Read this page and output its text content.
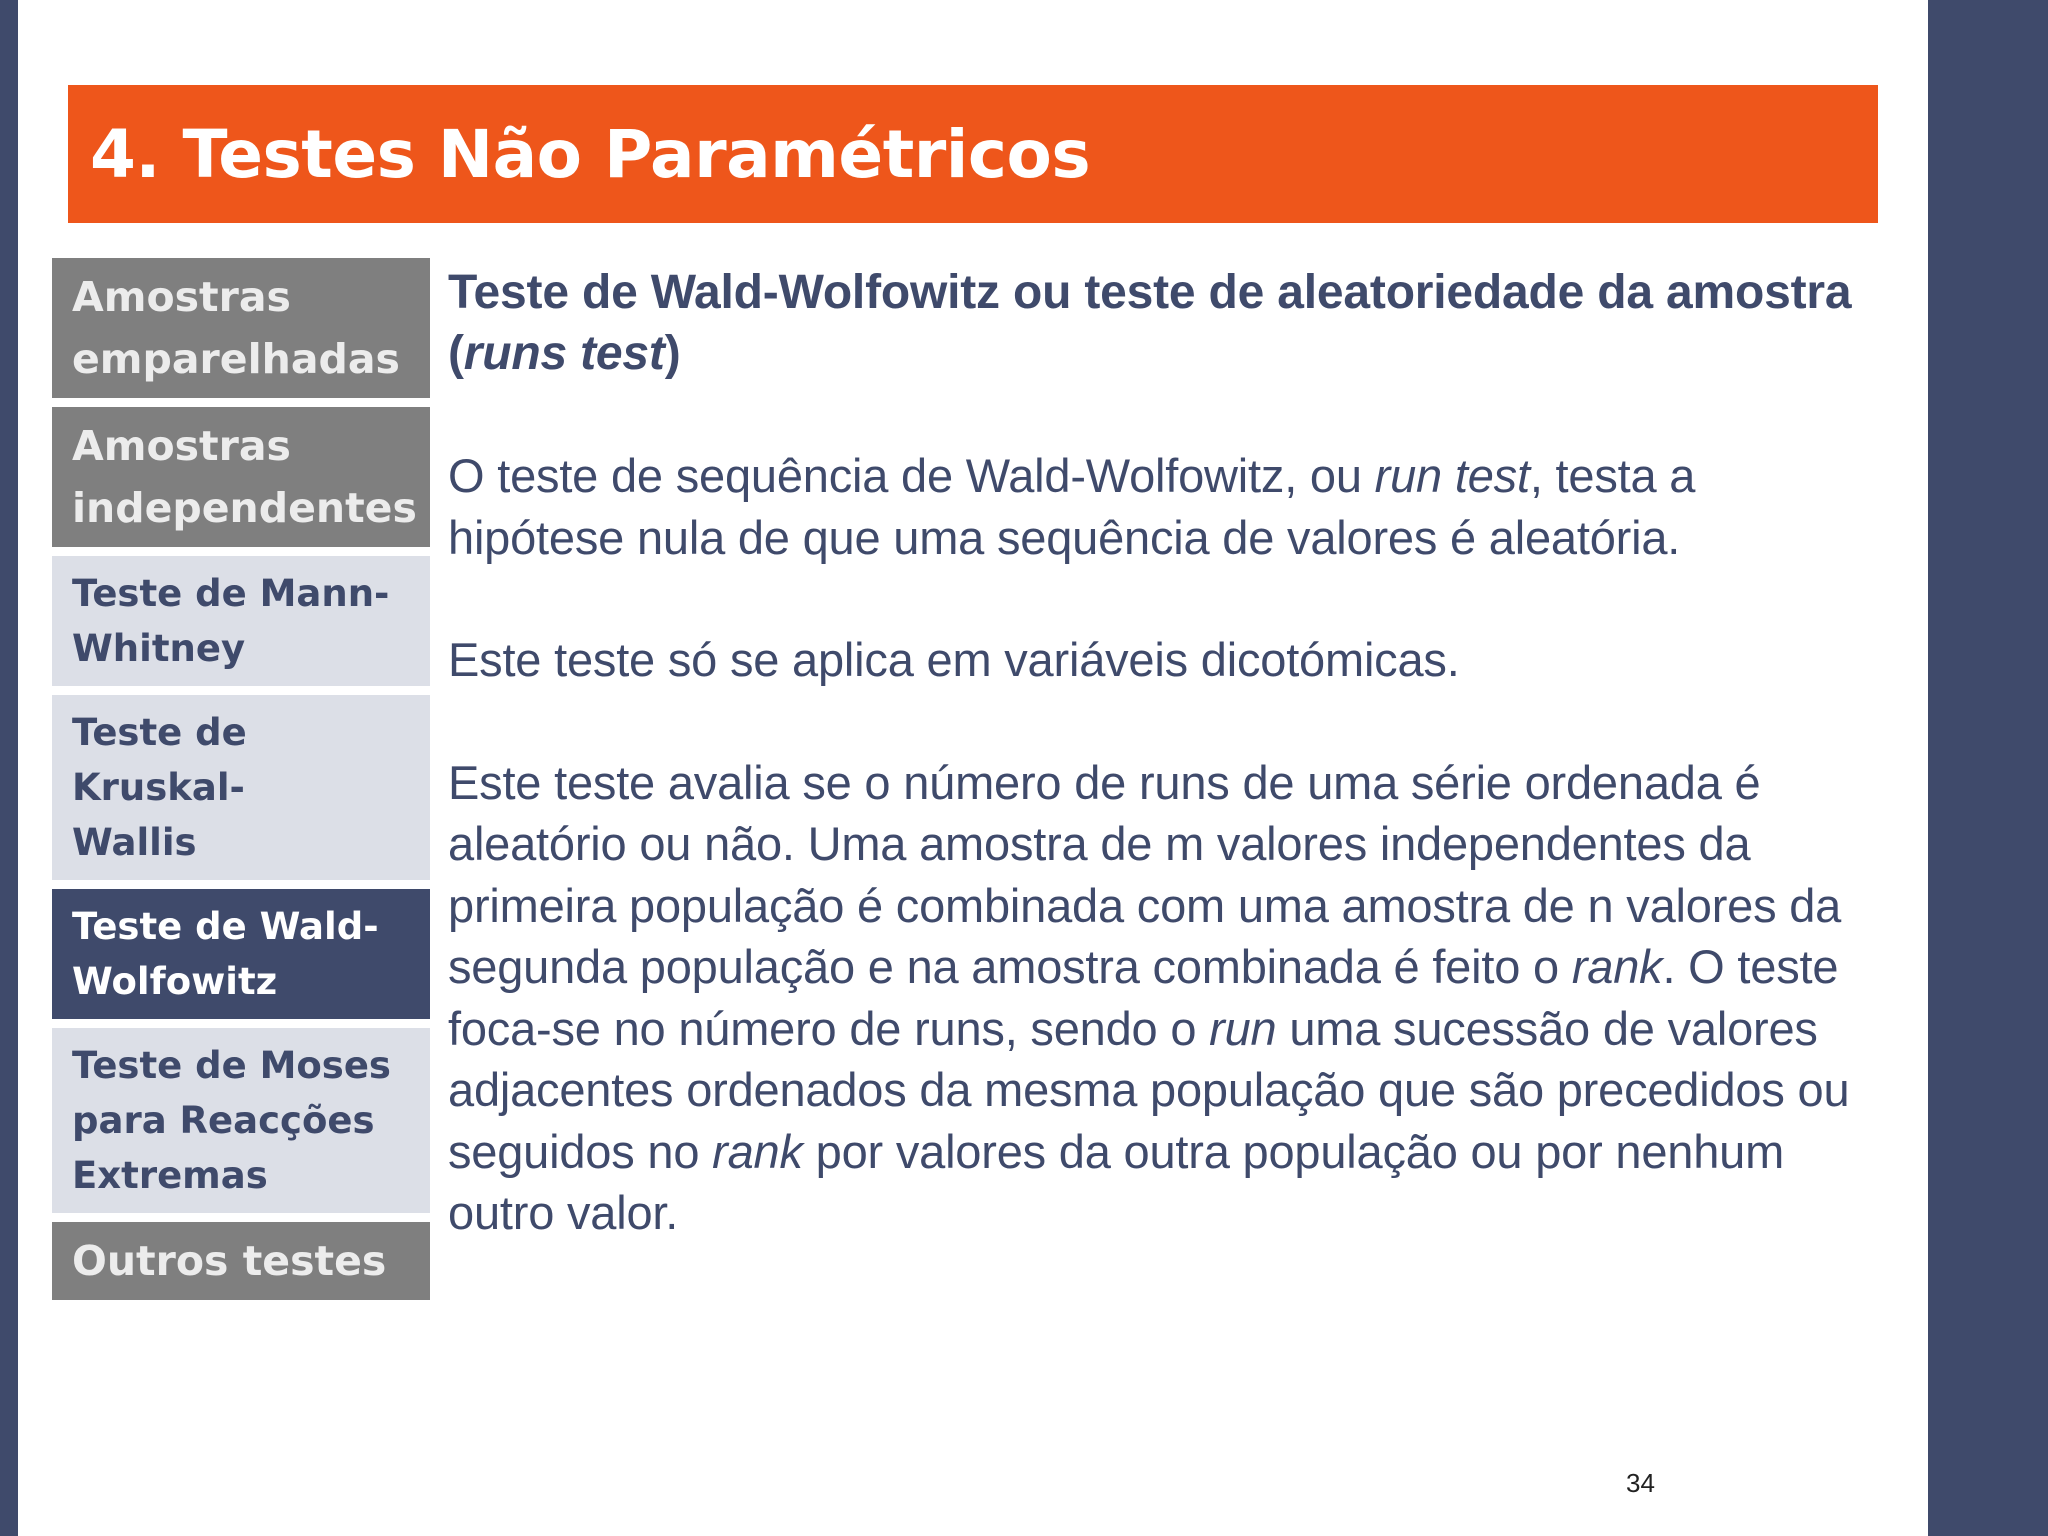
4. Testes Não Paramétricos
Amostras
emparelhadas
Amostras
independentes
Teste de Mann-
Whitney
Teste de Kruskal-
Wallis
Teste de Wald-
Wolfowitz
Teste de Moses
para Reacções
Extremas
Outros testes

Teste de Wald-Wolfowitz ou teste de aleatoriedade da amostra (runs test)

O teste de sequência de Wald-Wolfowitz, ou run test, testa a hipótese nula de que uma sequência de valores é aleatória.

Este teste só se aplica em variáveis dicotómicas.

Este teste avalia se o número de runs de uma série ordenada é aleatório ou não. Uma amostra de m valores independentes da primeira população é combinada com uma amostra de n valores da segunda população e na amostra combinada é feito o rank. O teste foca-se no número de runs, sendo o run uma sucessão de valores adjacentes ordenados da mesma população que são precedidos ou seguidos no rank por valores da outra população ou por nenhum outro valor.

34
